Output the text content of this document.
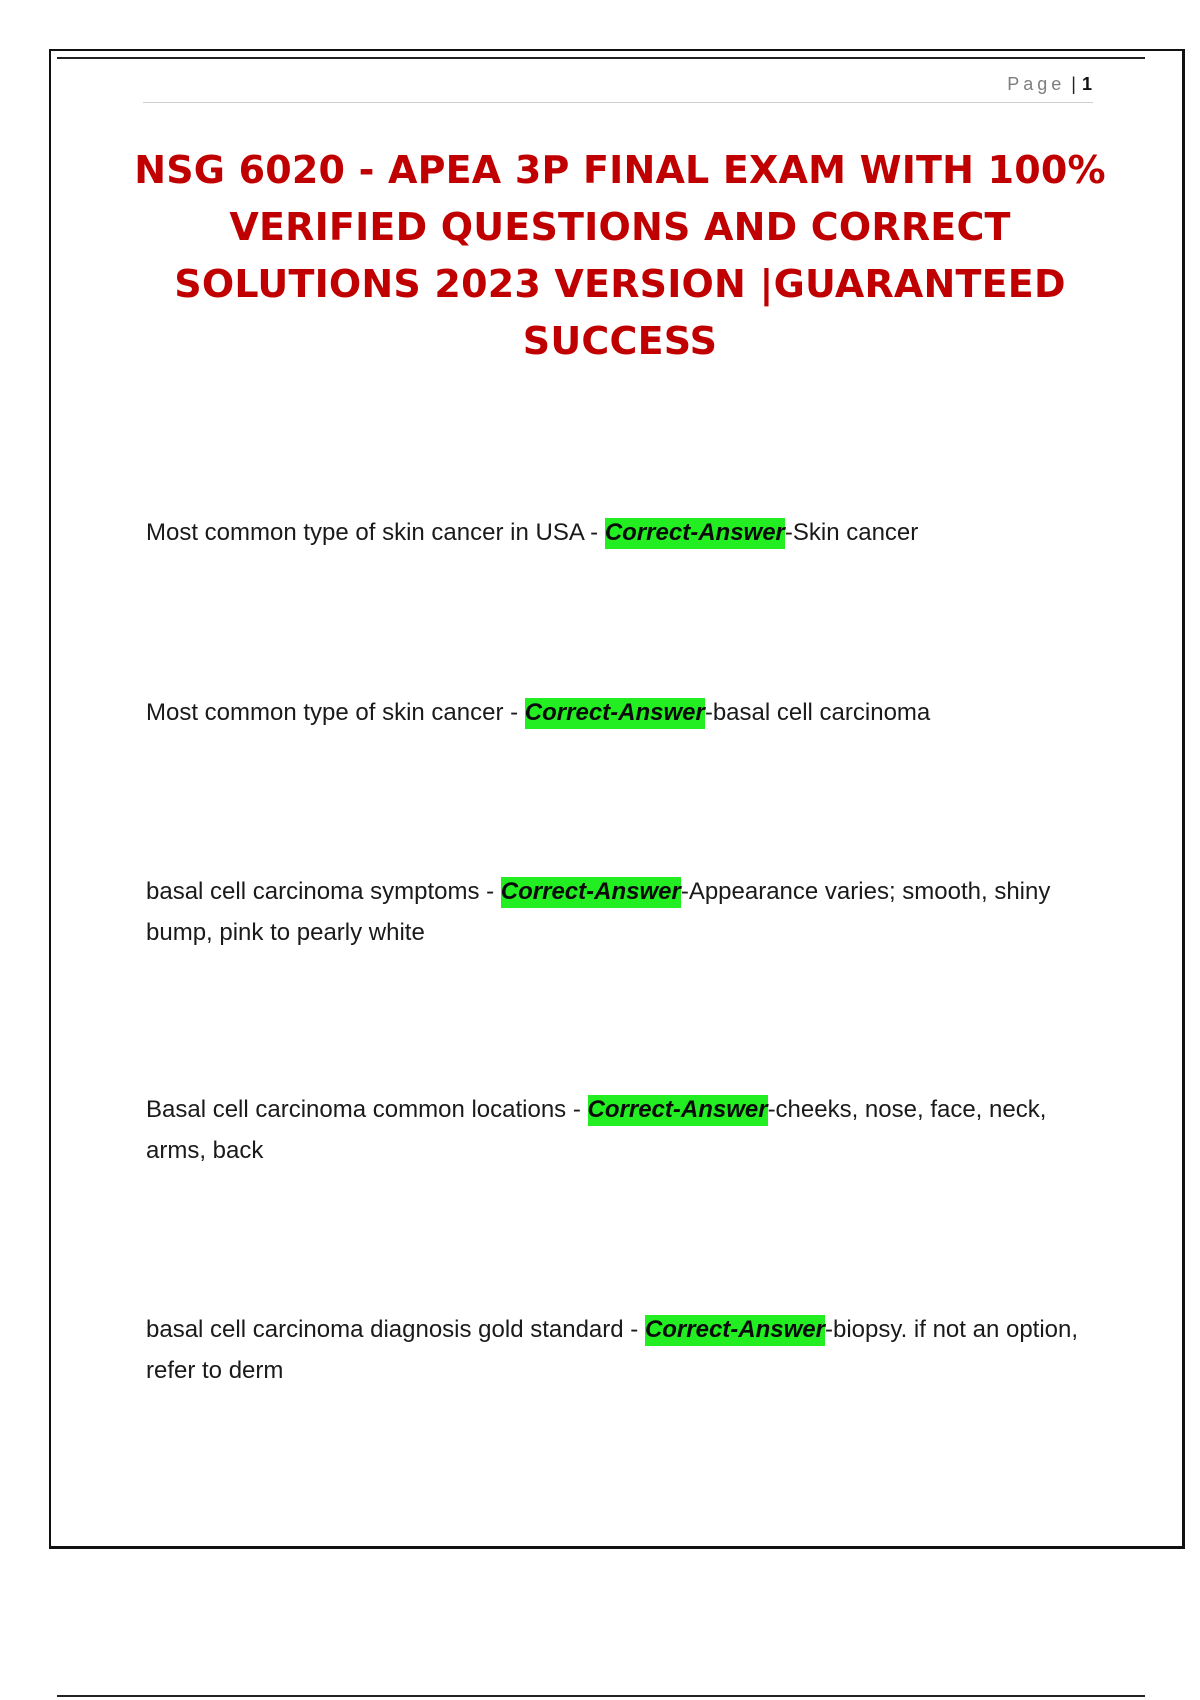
Page | 1
NSG 6020 - APEA 3P FINAL EXAM WITH 100% VERIFIED QUESTIONS AND CORRECT SOLUTIONS 2023 VERSION |GUARANTEED SUCCESS
Most common type of skin cancer in USA - Correct-Answer-Skin cancer
Most common type of skin cancer - Correct-Answer-basal cell carcinoma
basal cell carcinoma symptoms - Correct-Answer-Appearance varies; smooth, shiny bump, pink to pearly white
Basal cell carcinoma common locations - Correct-Answer-cheeks, nose, face, neck, arms, back
basal cell carcinoma diagnosis gold standard - Correct-Answer-biopsy. if not an option, refer to derm
